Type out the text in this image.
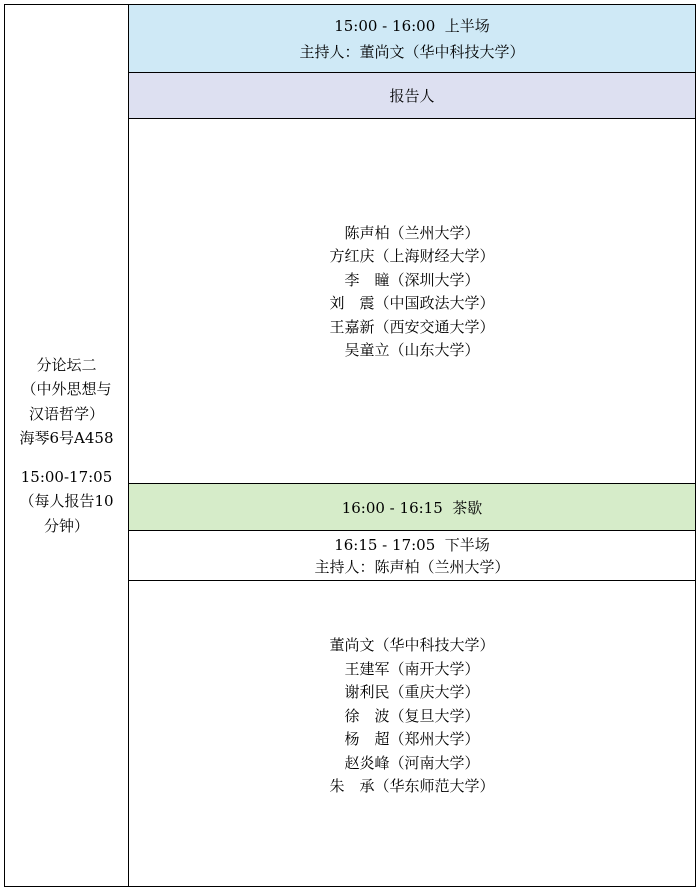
分论坛二
（中外思想与
汉语哲学）
海琴6号A458
15:00-17:05
（每人报告10
分钟）
15:00 - 16:00  上半场
主持人：董尚文（华中科技大学）
报告人
陈声柏（兰州大学）
方红庆（上海财经大学）
李　瞳（深圳大学）
刘　震（中国政法大学）
王嘉新（西安交通大学）
吴童立（山东大学）
16:00 - 16:15  茶歇
16:15 - 17:05  下半场
主持人：陈声柏（兰州大学）
董尚文（华中科技大学）
王建军（南开大学）
谢利民（重庆大学）
徐　波（复旦大学）
杨　超（郑州大学）
赵炎峰（河南大学）
朱　承（华东师范大学）
